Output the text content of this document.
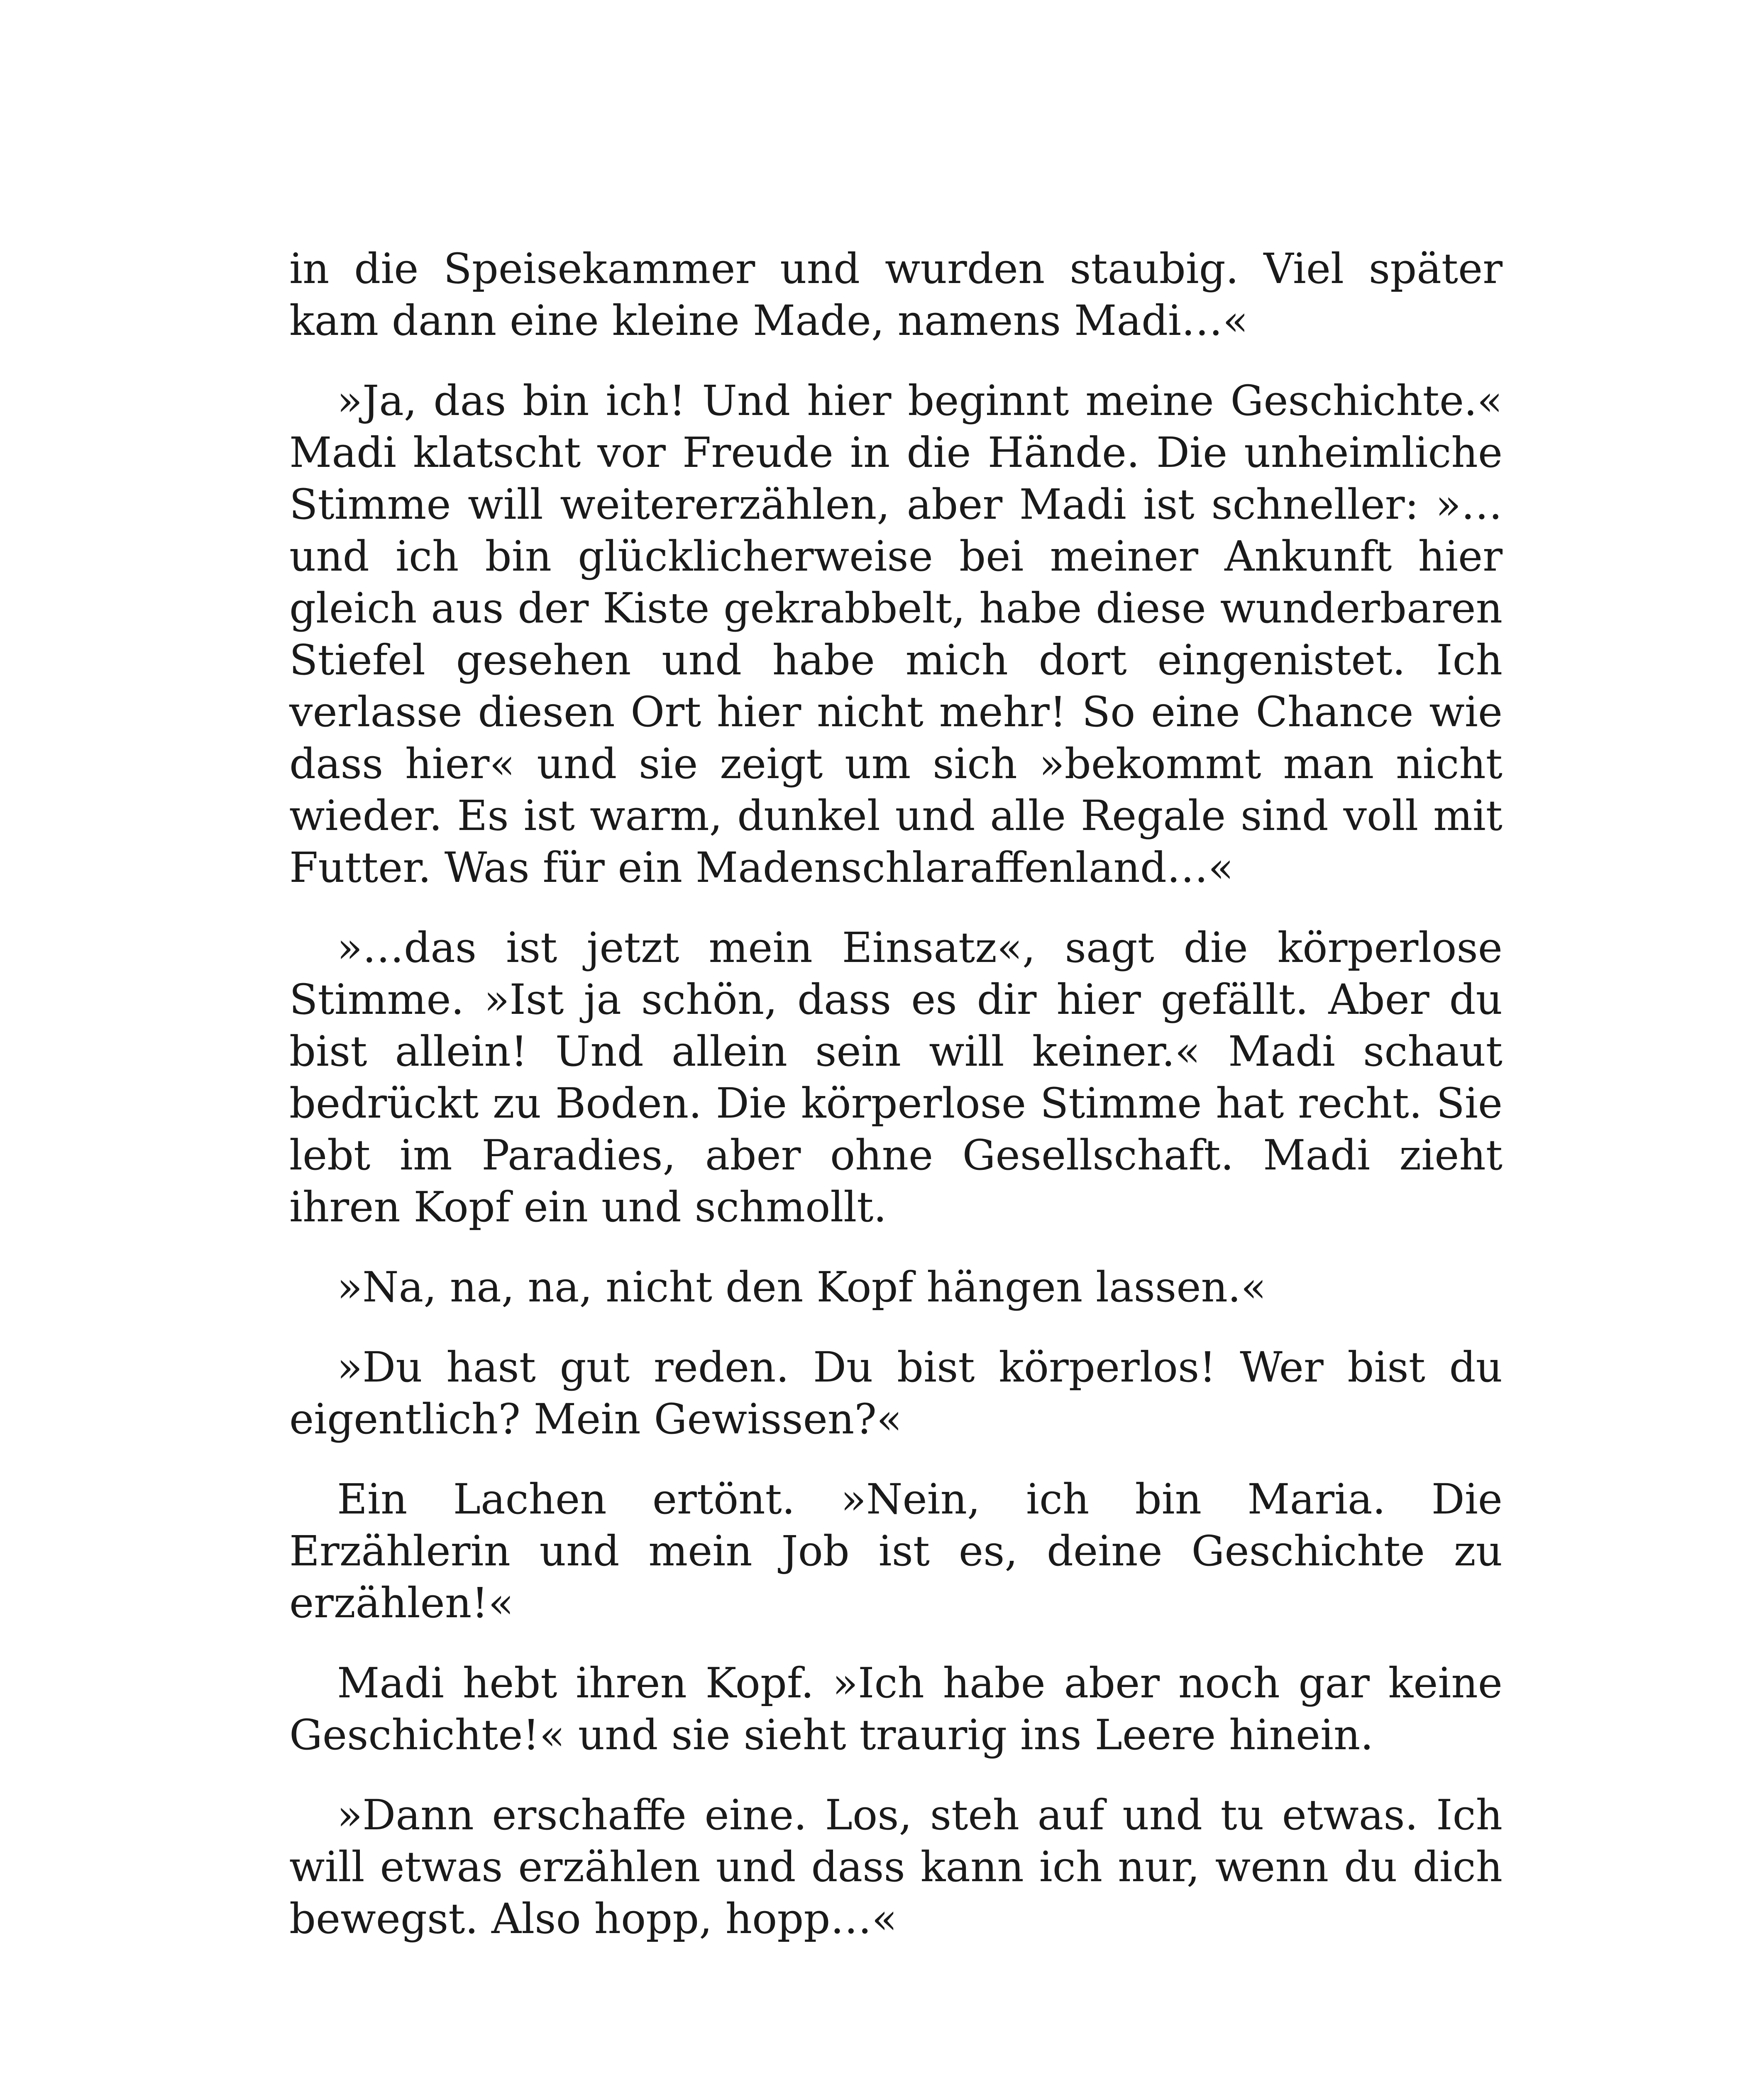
in die Speisekammer und wurden staubig. Viel später kam dann eine kleine Made, namens Madi…«

»Ja, das bin ich! Und hier beginnt meine Geschichte.« Madi klatscht vor Freude in die Hände. Die unheimliche Stimme will weitererzählen, aber Madi ist schneller: »… und ich bin glücklicherweise bei meiner Ankunft hier gleich aus der Kiste gekrabbelt, habe diese wunderbaren Stiefel gesehen und habe mich dort eingenistet. Ich verlasse diesen Ort hier nicht mehr! So eine Chance wie dass hier« und sie zeigt um sich »bekommt man nicht wieder. Es ist warm, dunkel und alle Regale sind voll mit Futter. Was für ein Madenschlaraffenland…«

»…das ist jetzt mein Einsatz«, sagt die körperlose Stimme. »Ist ja schön, dass es dir hier gefällt. Aber du bist allein! Und allein sein will keiner.« Madi schaut bedrückt zu Boden. Die körperlose Stimme hat recht. Sie lebt im Paradies, aber ohne Gesellschaft. Madi zieht ihren Kopf ein und schmollt.

»Na, na, na, nicht den Kopf hängen lassen.«

»Du hast gut reden. Du bist körperlos! Wer bist du eigentlich? Mein Gewissen?«

Ein Lachen ertönt. »Nein, ich bin Maria. Die Erzählerin und mein Job ist es, deine Geschichte zu erzählen!«

Madi hebt ihren Kopf. »Ich habe aber noch gar keine Geschichte!« und sie sieht traurig ins Leere hinein.

»Dann erschaffe eine. Los, steh auf und tu etwas. Ich will etwas erzählen und dass kann ich nur, wenn du dich bewegst. Also hopp, hopp…«
